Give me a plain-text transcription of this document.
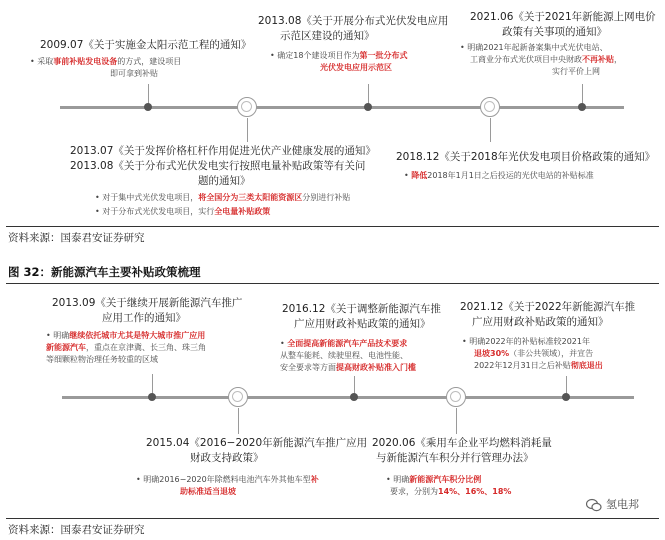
2009.07《关于实施金太阳示范工程的通知》
• 采取事前补贴发电设备的方式，建设项目
即可拿到补贴
2013.08《关于开展分布式光伏发电应用
示范区建设的通知》
• 确定18个建设项目作为第一批分布式
光伏发电应用示范区
2021.06《关于2021年新能源上网电价
政策有关事项的通知》
• 明确2021年起新备案集中式光伏电站、
工商业分布式光伏项目中央财政不再补贴，
实行平价上网
2013.07《关于发挥价格杠杆作用促进光伏产业健康发展的通知》
2013.08《关于分布式光伏发电实行按照电量补贴政策等有关问
题的通知》
• 对于集中式光伏发电项目，将全国分为三类太阳能资源区分别进行补贴
• 对于分布式光伏发电项目，实行全电量补贴政策
2018.12《关于2018年光伏发电项目价格政策的通知》
• 降低2018年1月1日之后投运的光伏电站的补贴标准
资料来源：国泰君安证券研究
图 32：新能源汽车主要补贴政策梳理
2013.09《关于继续开展新能源汽车推广
应用工作的通知》
• 明确继续依托城市尤其是特大城市推广应用
新能源汽车，重点在京津冀、长三角、珠三角
等细颗粒物治理任务较重的区域
2016.12《关于调整新能源汽车推
广应用财政补贴政策的通知》
• 全面提高新能源汽车产品技术要求
从整车能耗、续驶里程、电池性能、
安全要求等方面提高财政补贴准入门槛
2021.12《关于2022年新能源汽车推
广应用财政补贴政策的通知》
• 明确2022年的补贴标准较2021年
退坡30%（非公共领域），并宣告
2022年12月31日之后补贴彻底退出
2015.04《2016−2020年新能源汽车推广应用
财政支持政策》
• 明确2016−2020年除燃料电池汽车外其他车型补
助标准适当退坡
2020.06《乘用车企业平均燃料消耗量
与新能源汽车积分并行管理办法》
• 明确新能源汽车积分比例
要求，分别为14%、16%、18%
氢电邦
资料来源：国泰君安证券研究
